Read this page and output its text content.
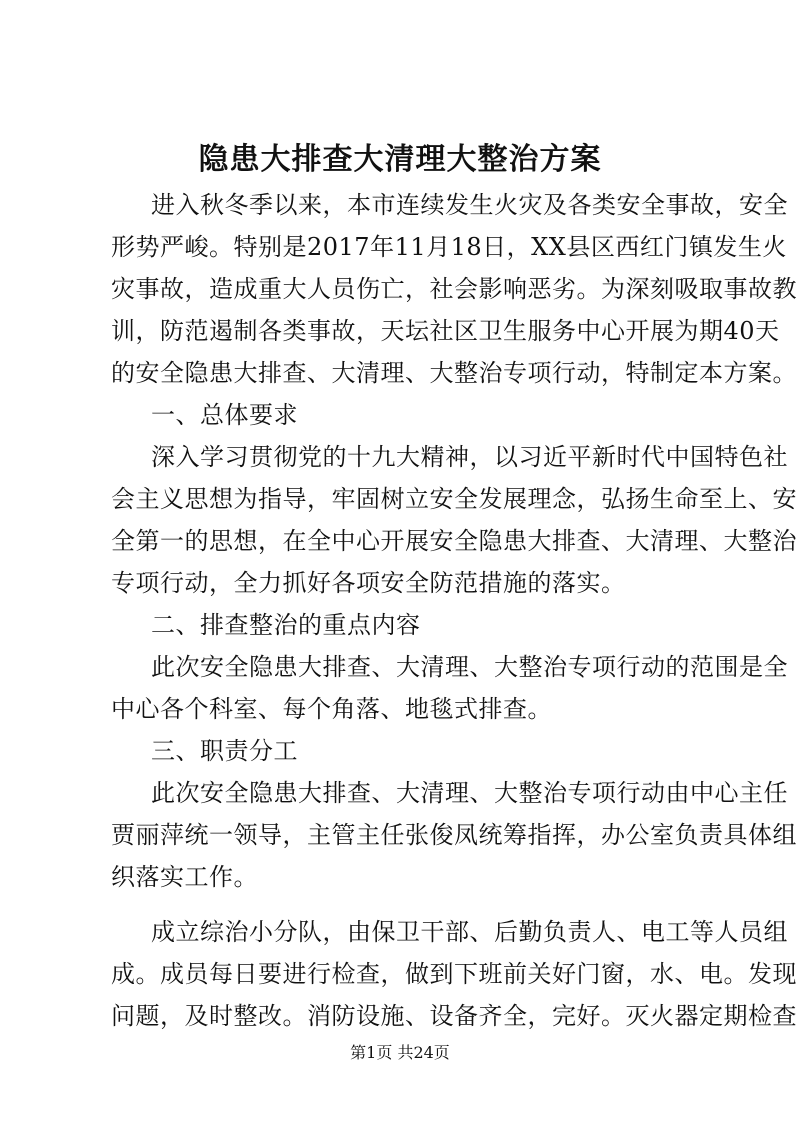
隐患大排查大清理大整治方案
进入秋冬季以来，本市连续发生火灾及各类安全事故，安全
形势严峻。特别是2017年11月18日，XX县区西红门镇发生火
灾事故，造成重大人员伤亡，社会影响恶劣。为深刻吸取事故教
训，防范遏制各类事故，天坛社区卫生服务中心开展为期40天
的安全隐患大排查、大清理、大整治专项行动，特制定本方案。
一、总体要求
深入学习贯彻党的十九大精神，以习近平新时代中国特色社
会主义思想为指导，牢固树立安全发展理念，弘扬生命至上、安
全第一的思想，在全中心开展安全隐患大排查、大清理、大整治
专项行动，全力抓好各项安全防范措施的落实。
二、排查整治的重点内容
此次安全隐患大排查、大清理、大整治专项行动的范围是全
中心各个科室、每个角落、地毯式排查。
三、职责分工
此次安全隐患大排查、大清理、大整治专项行动由中心主任
贾丽萍统一领导，主管主任张俊凤统筹指挥，办公室负责具体组
织落实工作。
成立综治小分队，由保卫干部、后勤负责人、电工等人员组
成。成员每日要进行检查，做到下班前关好门窗，水、电。发现
问题，及时整改。消防设施、设备齐全，完好。灭火器定期检查
第1页 共24页
